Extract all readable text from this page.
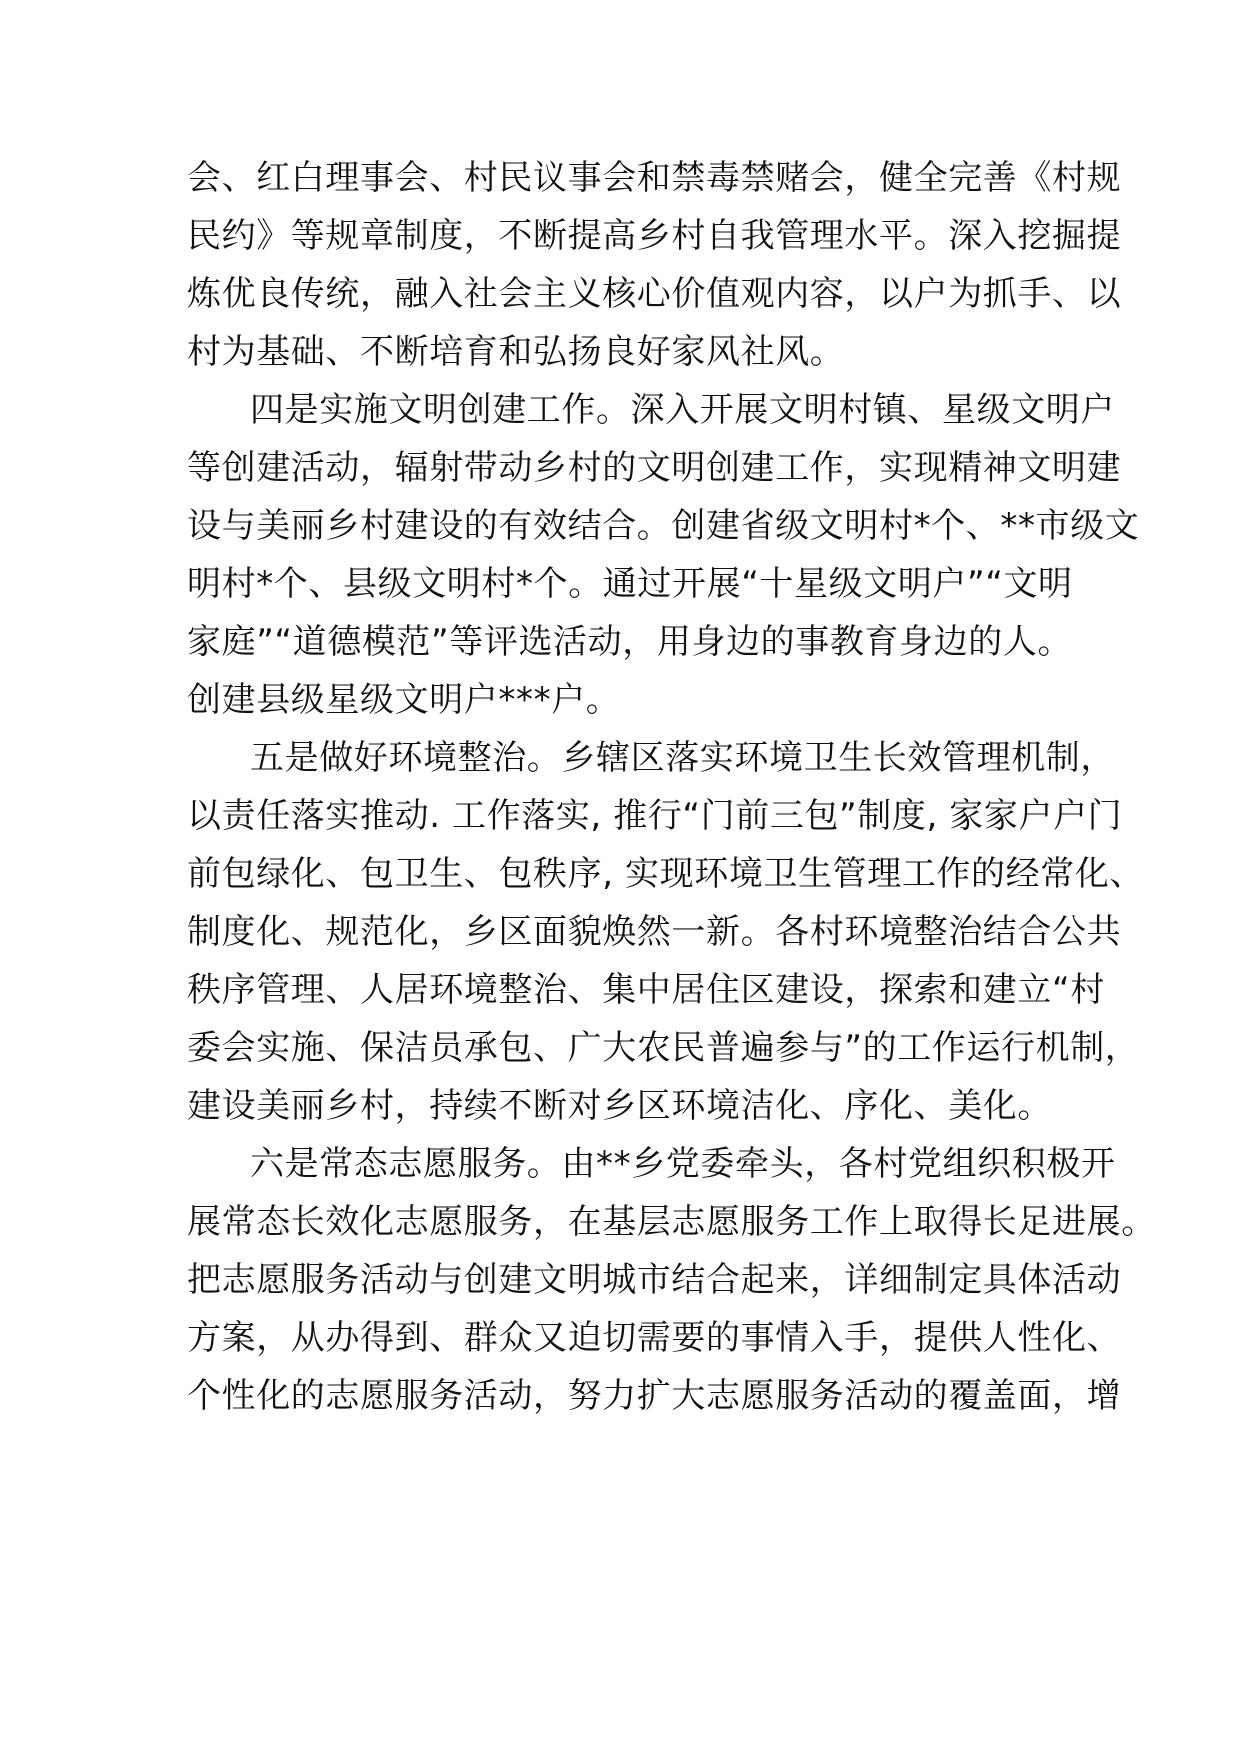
会、红白理事会、村民议事会和禁毒禁赌会，健全完善《村规
民约》等规章制度，不断提高乡村自我管理水平。深入挖掘提
炼优良传统，融入社会主义核心价值观内容，以户为抓手、以
村为基础、不断培育和弘扬良好家风社风。
四是实施文明创建工作。深入开展文明村镇、星级文明户
等创建活动，辐射带动乡村的文明创建工作，实现精神文明建
设与美丽乡村建设的有效结合。创建省级文明村*个、**市级文
明村*个、县级文明村*个。通过开展“十星级文明户”“文明
家庭”“道德模范”等评选活动，用身边的事教育身边的人。
创建县级星级文明户***户。
五是做好环境整治。乡辖区落实环境卫生长效管理机制，
以责任落实推动. 工作落实, 推行“门前三包”制度, 家家户户门
前包绿化、包卫生、包秩序, 实现环境卫生管理工作的经常化、
制度化、规范化，乡区面貌焕然一新。各村环境整治结合公共
秩序管理、人居环境整治、集中居住区建设，探索和建立“村
委会实施、保洁员承包、广大农民普遍参与”的工作运行机制，
建设美丽乡村，持续不断对乡区环境洁化、序化、美化。
六是常态志愿服务。由**乡党委牵头，各村党组织积极开
展常态长效化志愿服务，在基层志愿服务工作上取得长足进展。
把志愿服务活动与创建文明城市结合起来，详细制定具体活动
方案，从办得到、群众又迫切需要的事情入手，提供人性化、
个性化的志愿服务活动，努力扩大志愿服务活动的覆盖面，增
